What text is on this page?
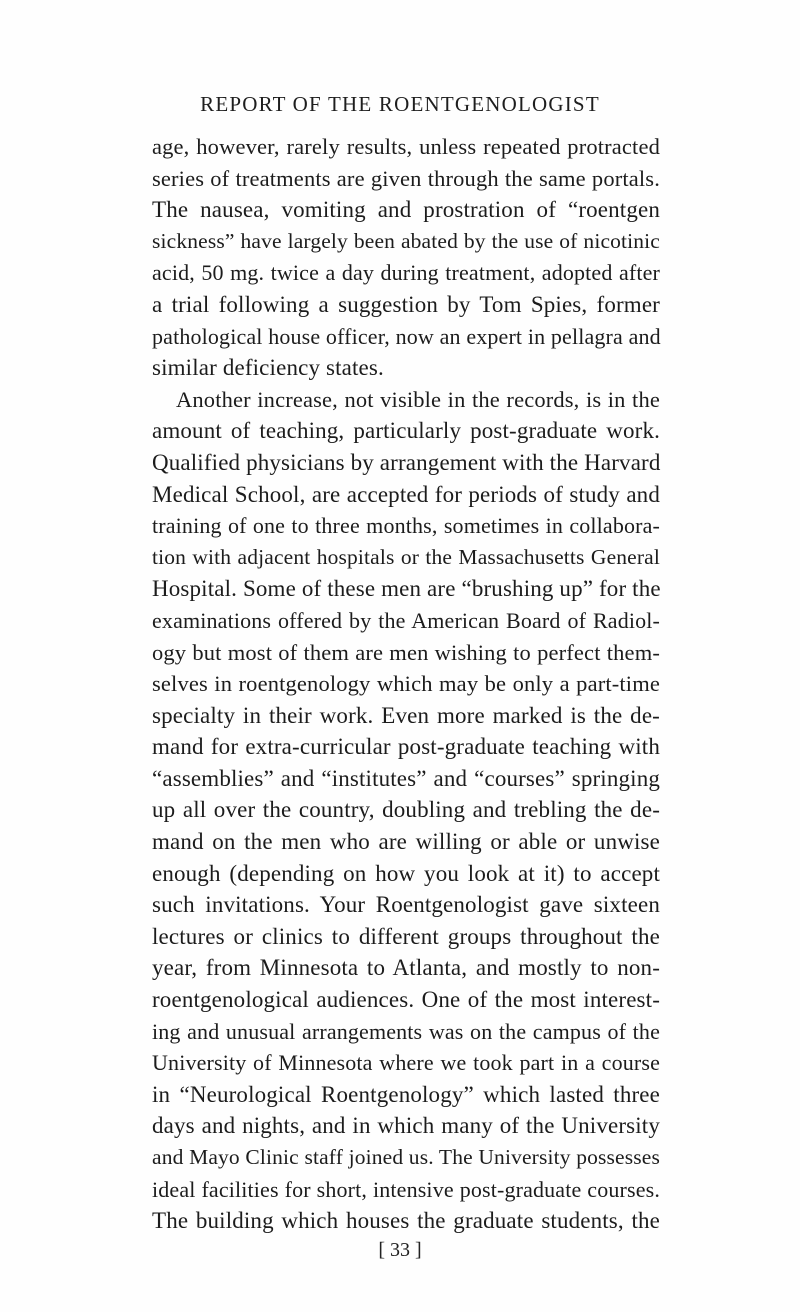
REPORT OF THE ROENTGENOLOGIST
age, however, rarely results, unless repeated protracted
series of treatments are given through the same portals.
The nausea, vomiting and prostration of “roentgen
sickness” have largely been abated by the use of nicotinic
acid, 50 mg. twice a day during treatment, adopted after
a trial following a suggestion by Tom Spies, former
pathological house officer, now an expert in pellagra and
similar deficiency states.
Another increase, not visible in the records, is in the
amount of teaching, particularly post-graduate work.
Qualified physicians by arrangement with the Harvard
Medical School, are accepted for periods of study and
training of one to three months, sometimes in collabora-
tion with adjacent hospitals or the Massachusetts General
Hospital. Some of these men are “brushing up” for the
examinations offered by the American Board of Radiol-
ogy but most of them are men wishing to perfect them-
selves in roentgenology which may be only a part-time
specialty in their work. Even more marked is the de-
mand for extra-curricular post-graduate teaching with
“assemblies” and “institutes” and “courses” springing
up all over the country, doubling and trebling the de-
mand on the men who are willing or able or unwise
enough (depending on how you look at it) to accept
such invitations. Your Roentgenologist gave sixteen
lectures or clinics to different groups throughout the
year, from Minnesota to Atlanta, and mostly to non-
roentgenological audiences. One of the most interest-
ing and unusual arrangements was on the campus of the
University of Minnesota where we took part in a course
in “Neurological Roentgenology” which lasted three
days and nights, and in which many of the University
and Mayo Clinic staff joined us. The University possesses
ideal facilities for short, intensive post-graduate courses.
The building which houses the graduate students, the
[ 33 ]
